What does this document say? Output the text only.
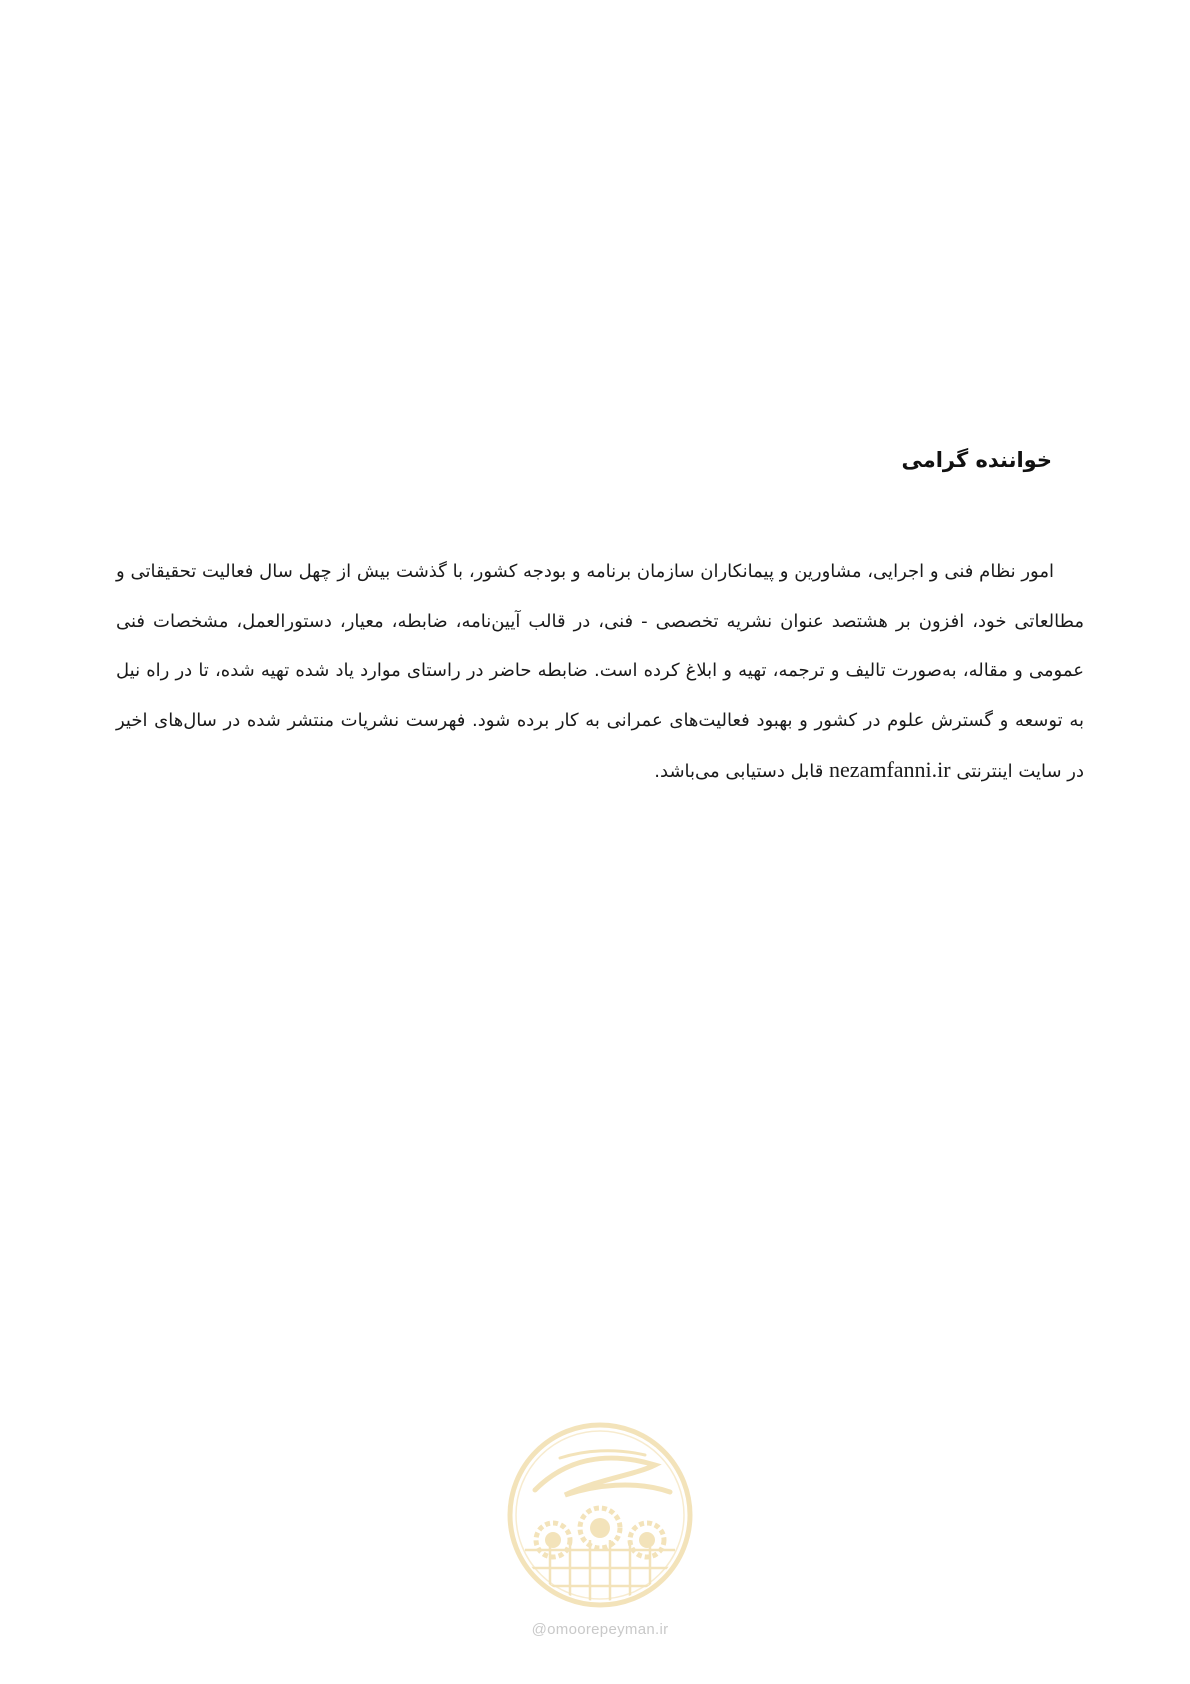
خواننده گرامی

امور نظام فنی و اجرایی، مشاورین و پیمانکاران سازمان برنامه و بودجه کشور، با گذشت بیش از چهل سال فعالیت تحقیقاتی و مطالعاتی خود، افزون بر هشتصد عنوان نشریه تخصصی - فنی، در قالب آیین‌نامه، ضابطه، معیار، دستورالعمل، مشخصات فنی عمومی و مقاله، به‌صورت تالیف و ترجمه، تهیه و ابلاغ کرده است. ضابطه حاضر در راستای موارد یاد شده تهیه شده، تا در راه نیل به توسعه و گسترش علوم در کشور و بهبود فعالیت‌های عمرانی به کار برده شود. فهرست نشریات منتشر شده در سال‌های اخیر در سایت اینترنتی nezamfanni.ir قابل دستیابی می‌باشد.

@omoorepeyman.ir
